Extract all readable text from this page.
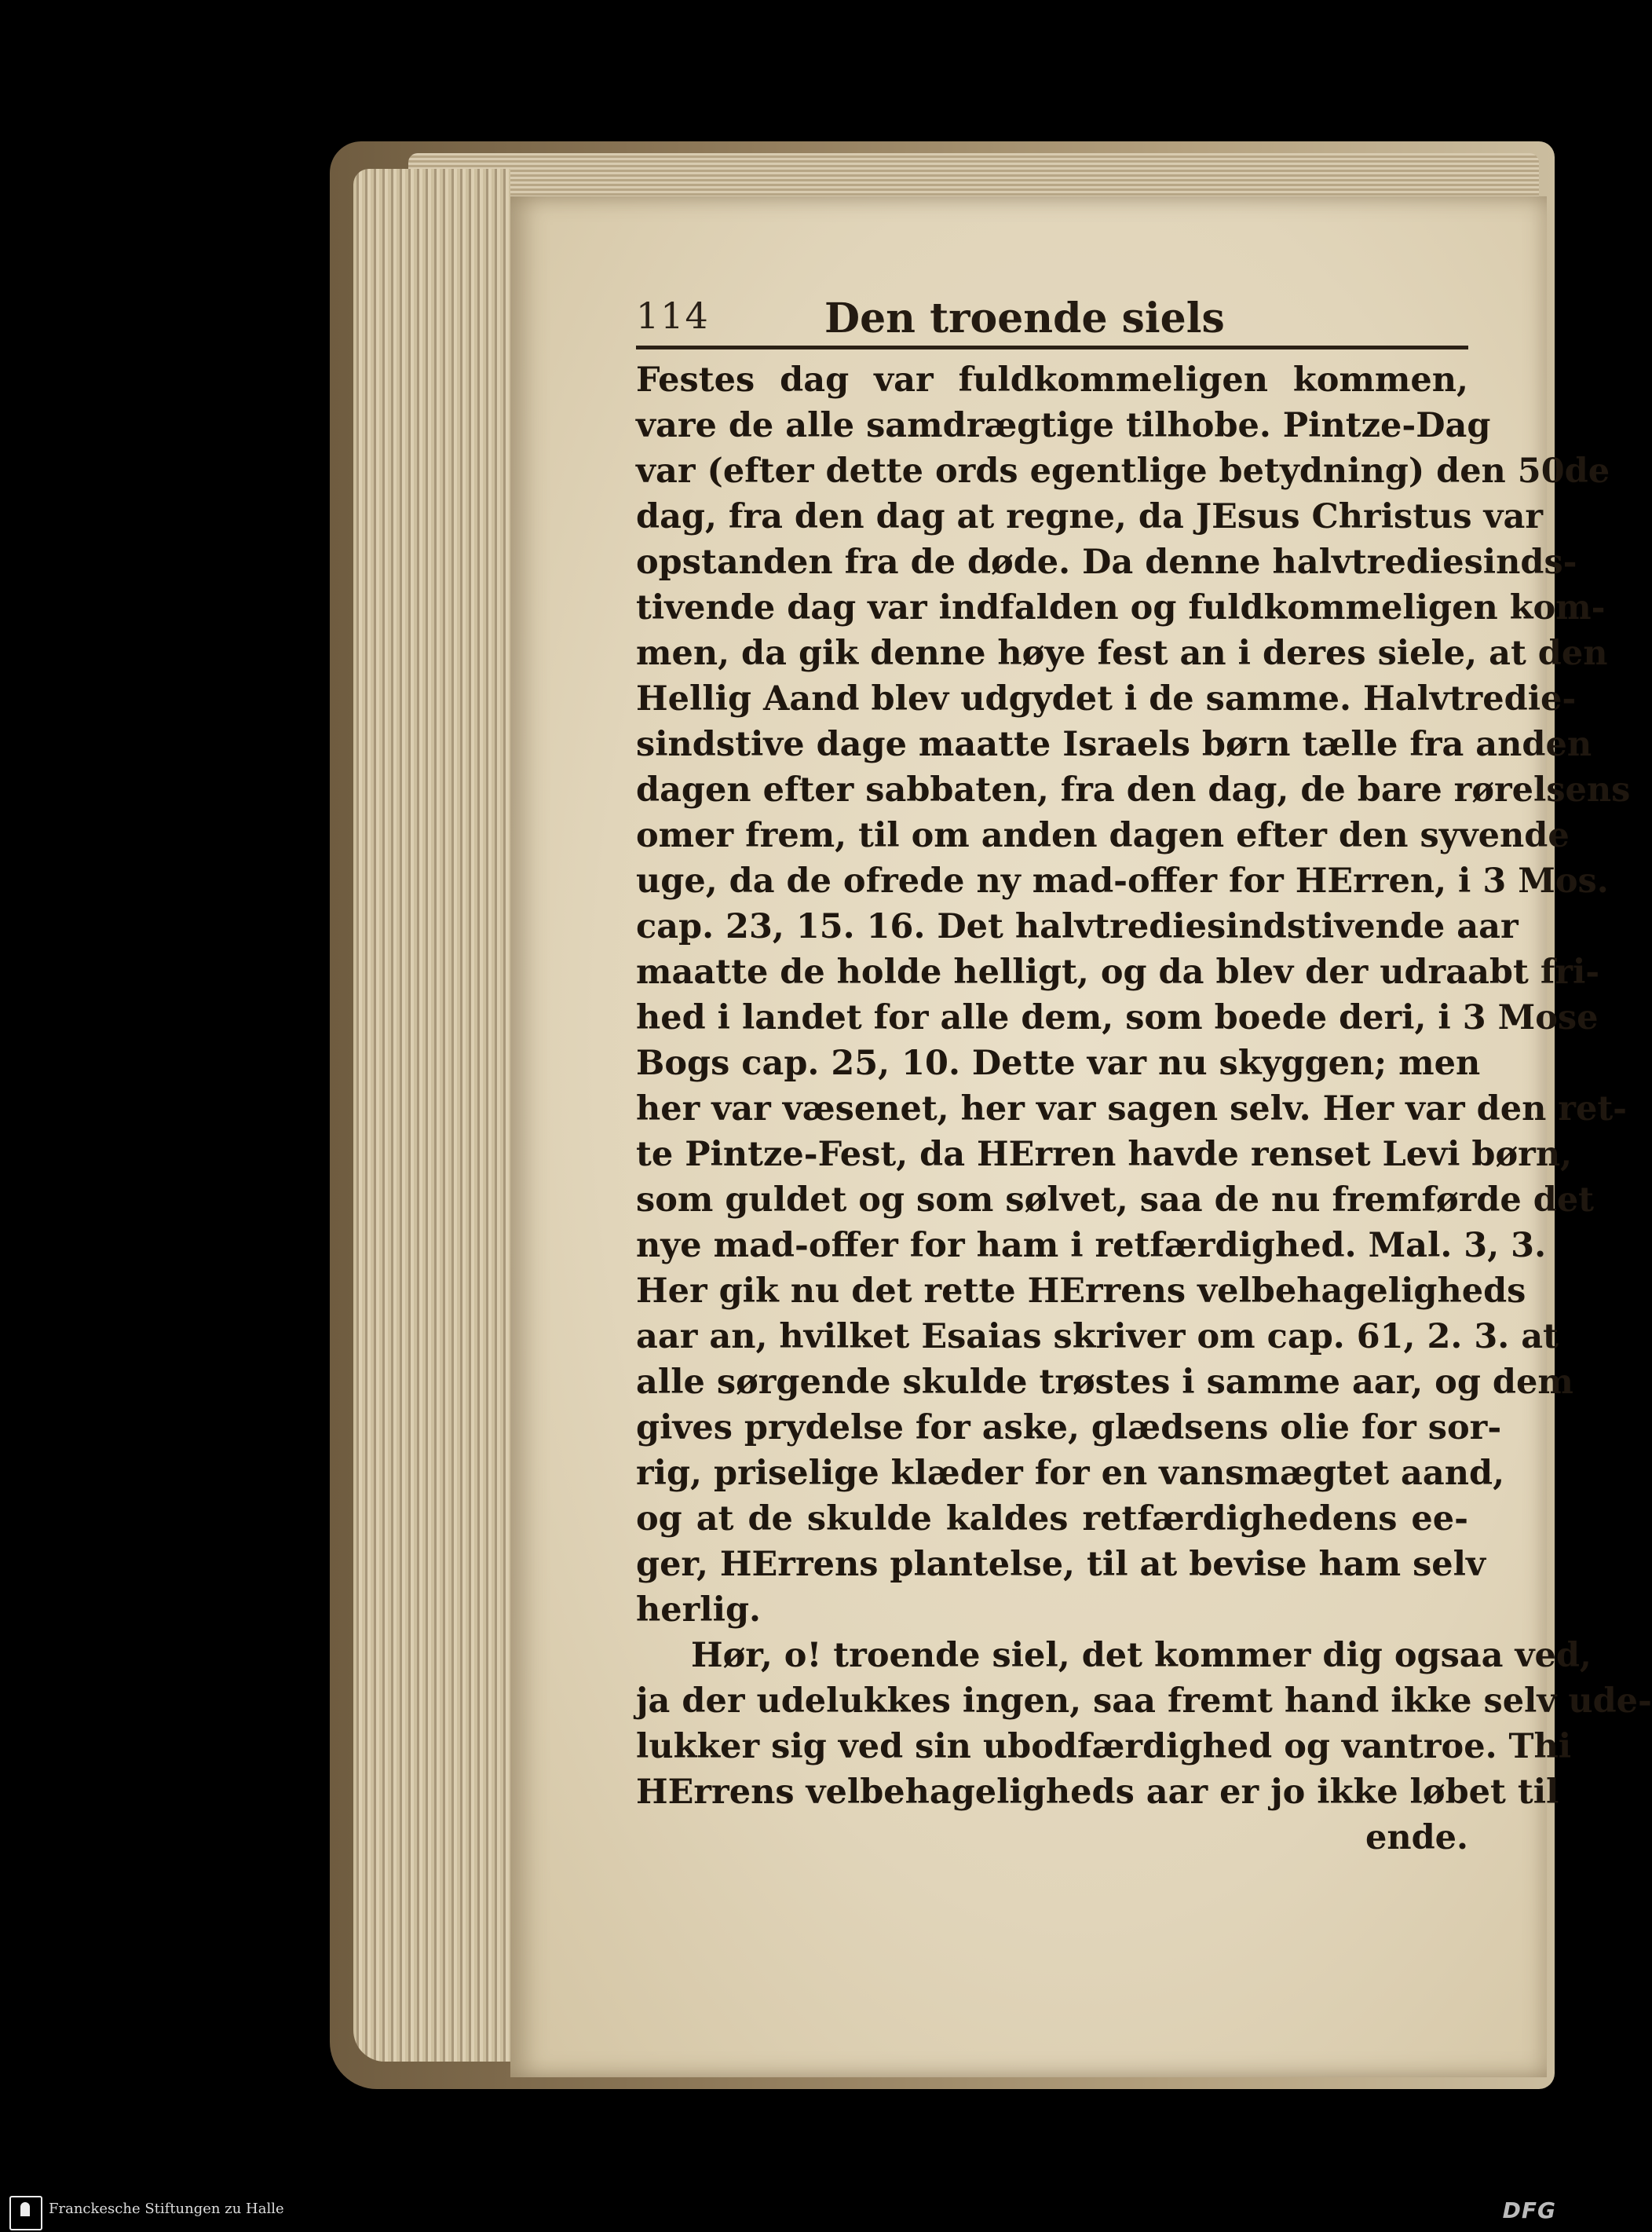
114	Den troende siels
Festes dag var fuldkommeligen kommen,
vare de alle samdrægtige tilhobe. Pintze-Dag
var (efter dette ords egentlige betydning) den 50de
dag, fra den dag at regne, da JEsus Christus var
opstanden fra de døde. Da denne halvtrediesinds-
tivende dag var indfalden og fuldkommeligen kom-
men, da gik denne høye fest an i deres siele, at den
Hellig Aand blev udgydet i de samme. Halvtredie-
sindstive dage maatte Israels børn tælle fra anden
dagen efter sabbaten, fra den dag, de bare rørelsens
omer frem, til om anden dagen efter den syvende
uge, da de ofrede ny mad-offer for HErren, i 3 Mos.
cap. 23, 15. 16. Det halvtrediesindstivende aar
maatte de holde helligt, og da blev der udraabt fri-
hed i landet for alle dem, som boede deri, i 3 Mose
Bogs cap. 25, 10. Dette var nu skyggen; men
her var væsenet, her var sagen selv. Her var den ret-
te Pintze-Fest, da HErren havde renset Levi børn,
som guldet og som sølvet, saa de nu fremførde det
nye mad-offer for ham i retfærdighed. Mal. 3, 3.
Her gik nu det rette HErrens velbehageligheds
aar an, hvilket Esaias skriver om cap. 61, 2. 3. at
alle sørgende skulde trøstes i samme aar, og dem
gives prydelse for aske, glædsens olie for sor-
rig, priselige klæder for en vansmægtet aand,
og at de skulde kaldes retfærdighedens ee-
ger, HErrens plantelse, til at bevise ham selv
herlig.
Hør, o! troende siel, det kommer dig ogsaa ved,
ja der udelukkes ingen, saa fremt hand ikke selv ude-
lukker sig ved sin ubodfærdighed og vantroe. Thi
HErrens velbehageligheds aar er jo ikke løbet til
ende.
Franckesche Stiftungen zu Halle	DFG
